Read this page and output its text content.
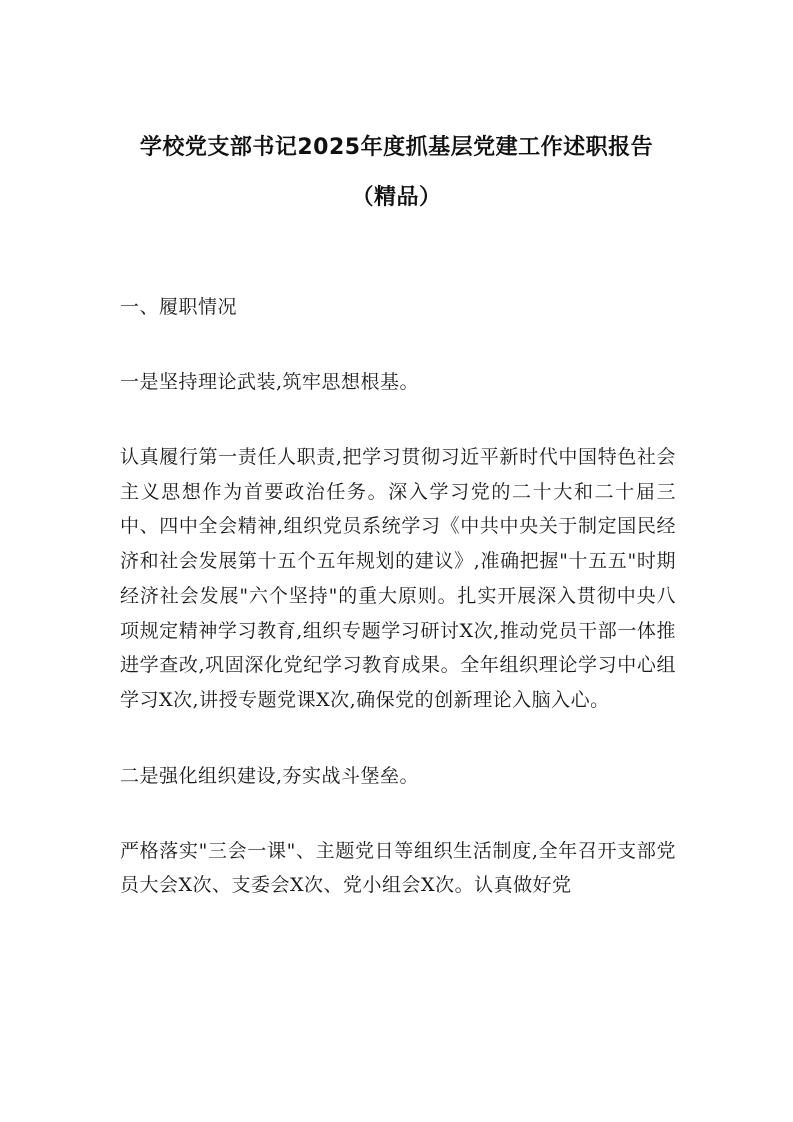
学校党支部书记2025年度抓基层党建工作述职报告
（精品）

一、履职情况

一是坚持理论武装,筑牢思想根基。

认真履行第一责任人职责,把学习贯彻习近平新时代中国特色社会主义思想作为首要政治任务。深入学习党的二十大和二十届三中、四中全会精神,组织党员系统学习《中共中央关于制定国民经济和社会发展第十五个五年规划的建议》,准确把握"十五五"时期经济社会发展"六个坚持"的重大原则。扎实开展深入贯彻中央八项规定精神学习教育,组织专题学习研讨X次,推动党员干部一体推进学查改,巩固深化党纪学习教育成果。全年组织理论学习中心组学习X次,讲授专题党课X次,确保党的创新理论入脑入心。

二是强化组织建设,夯实战斗堡垒。

严格落实"三会一课"、主题党日等组织生活制度,全年召开支部党员大会X次、支委会X次、党小组会X次。认真做好党
